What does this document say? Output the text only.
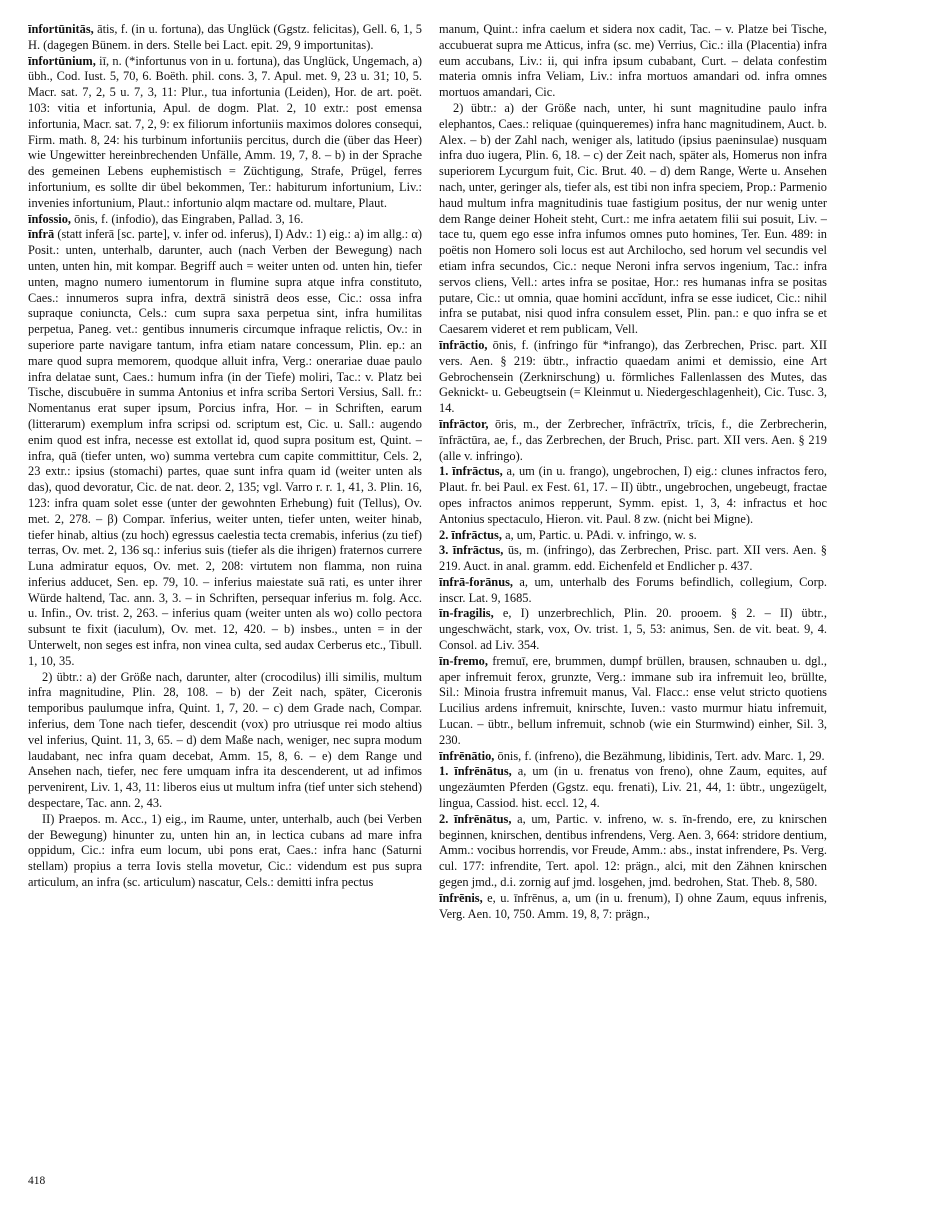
īnfortūnitās, ātis, f. (in u. fortuna), das Unglück (Ggstz. felicitas), Gell. 6, 1, 5 H. (dagegen Bünem. in ders. Stelle bei Lact. epit. 29, 9 importunitas).

īnfortūnium, iī, n. (*infortunus von in u. fortuna), das Unglück, Ungemach, a) übh., Cod. Iust. 5, 70, 6. Boëth. phil. cons. 3, 7. Apul. met. 9, 23 u. 31; 10, 5. Macr. sat. 7, 2, 5 u. 7, 3, 11: Plur., tua infortunia (Leiden), Hor. de art. poët. 103: vitia et infortunia, Apul. de dogm. Plat. 2, 10 extr.: post emensa infortunia, Macr. sat. 7, 2, 9: ex filiorum infortuniis maximos dolores consequi, Firm. math. 8, 24: his turbinum infortuniis percitus, durch die (über das Heer) wie Ungewitter hereinbrechenden Unfälle, Amm. 19, 7, 8. – b) in der Sprache des gemeinen Lebens euphemistisch = Züchtigung, Strafe, Prügel, ferres infortunium, es sollte dir übel bekommen, Ter.: habiturum infortunium, Liv.: invenies infortunium, Plaut.: infortunio alqm mactare od. multare, Plaut.

īnfossio, ōnis, f. (infodio), das Eingraben, Pallad. 3, 16.

īnfrā (statt inferā [sc. parte], v. infer od. inferus), I) Adv.: 1) eig.: a) im allg.: α) Posit.: unten, unterhalb, darunter, auch (nach Verben der Bewegung) nach unten, unten hin, mit kompar. Begriff auch = weiter unten od. unten hin, tiefer unten, magno numero iumentorum in flumine supra atque infra constituto, Caes.: innumeros supra infra, dextrā sinistrā deos esse, Cic.: ossa infra supraque coniuncta, Cels.: cum supra saxa perpetua sint, infra humilitas perpetua, Paneg. vet.: gentibus innumeris circumque infraque relictis, Ov.: in superiore parte navigare tantum, infra etiam natare concessum, Plin. ep.: an mare quod supra memorem, quodque alluit infra, Verg.: onerariae duae paulo infra delatae sunt, Caes.: humum infra (in der Tiefe) moliri, Tac.: v. Platz bei Tische, discubuēre in summa Antonius et infra scriba Sertori Versius, Sall. fr.: Nomentanus erat super ipsum, Porcius infra, Hor. – in Schriften, earum (litterarum) exemplum infra scripsi od. scriptum est, Cic. u. Sall.: augendo enim quod est infra, necesse est extollat id, quod supra positum est, Quint. – infra, quā (tiefer unten, wo) summa vertebra cum capite committitur, Cels. 2, 23 extr.: ipsius (stomachi) partes, quae sunt infra quam id (weiter unten als das), quod devoratur, Cic. de nat. deor. 2, 135; vgl. Varro r. r. 1, 41, 3. Plin. 16, 123: infra quam solet esse (unter der gewohnten Erhebung) fuit (Tellus), Ov. met. 2, 278. – β) Compar. īnferius, weiter unten, tiefer unten, weiter hinab, tiefer hinab, altius (zu hoch) egressus caelestia tecta cremabis, inferius (zu tief) terras, Ov. met. 2, 136 sq.: inferius suis (tiefer als die ihrigen) fraternos currere Luna admiratur equos, Ov. met. 2, 208: virtutem non flamma, non ruina inferius adducet, Sen. ep. 79, 10. – inferius maiestate suā rati, es unter ihrer Würde haltend, Tac. ann. 3, 3. – in Schriften, persequar inferius m. folg. Acc. u. Infin., Ov. trist. 2, 263. – inferius quam (weiter unten als wo) collo pectora subsunt te fixit (iaculum), Ov. met. 12, 420. – b) insbes., unten = in der Unterwelt, non seges est infra, non vinea culta, sed audax Cerberus etc., Tibull. 1, 10, 35.

2) übtr.: a) der Größe nach, darunter, alter (crocodilus) illi similis, multum infra magnitudine, Plin. 28, 108. – b) der Zeit nach, später, Ciceronis temporibus paulumque infra, Quint. 1, 7, 20. – c) dem Grade nach, Compar. inferius, dem Tone nach tiefer, descendit (vox) pro utriusque rei modo altius vel inferius, Quint. 11, 3, 65. – d) dem Maße nach, weniger, nec supra modum laudabant, nec infra quam decebat, Amm. 15, 8, 6. – e) dem Range und Ansehen nach, tiefer, nec fere umquam infra ita descenderent, ut ad infimos pervenirent, Liv. 1, 43, 11: liberos eius ut multum infra (tief unter sich stehend) despectare, Tac. ann. 2, 43.

II) Praepos. m. Acc., 1) eig., im Raume, unter, unterhalb, auch (bei Verben der Bewegung) hinunter zu, unten hin an, in lectica cubans ad mare infra oppidum, Cic.: infra eum locum, ubi pons erat, Caes.: infra hanc (Saturni stellam) propius a terra Iovis stella movetur, Cic.: videndum est pus supra articulum, an infra (sc. articulum) nascatur, Cels.: demitti infra pectus

manum, Quint.: infra caelum et sidera nox cadit, Tac. – v. Platze bei Tische, accubuerat supra me Atticus, infra (sc. me) Verrius, Cic.: illa (Placentia) infra eum accubans, Liv.: ii, qui infra ipsum cubabant, Curt. – delata confestim materia omnis infra Veliam, Liv.: infra mortuos amandari od. infra omnes mortuos amandari, Cic.

2) übtr.: a) der Größe nach, unter, hi sunt magnitudine paulo infra elephantos, Caes.: reliquae (quinqueremes) infra hanc magnitudinem, Auct. b. Alex. – b) der Zahl nach, weniger als, latitudo (ipsius paeninsulae) nusquam infra duo iugera, Plin. 6, 18. – c) der Zeit nach, später als, Homerus non infra superiorem Lycurgum fuit, Cic. Brut. 40. – d) dem Range, Werte u. Ansehen nach, unter, geringer als, tiefer als, est tibi non infra speciem, Prop.: Parmenio haud multum infra magnitudinis tuae fastigium positus, der nur wenig unter dem Range deiner Hoheit steht, Curt.: me infra aetatem filii sui posuit, Liv. – tace tu, quem ego esse infra infumos omnes puto homines, Ter. Eun. 489: in poëtis non Homero soli locus est aut Archilocho, sed horum vel secundis vel etiam infra secundos, Cic.: neque Neroni infra servos ingenium, Tac.: infra servos cliens, Vell.: artes infra se positae, Hor.: res humanas infra se positas putare, Cic.: ut omnia, quae homini accĭdunt, infra se esse iudicet, Cic.: nihil infra se putabat, nisi quod infra consulem esset, Plin. pan.: e quo infra se et Caesarem videret et rem publicam, Vell.

īnfrāctio, ōnis, f. (infringo für *infrango), das Zerbrechen, Prisc. part. XII vers. Aen. § 219: übtr., infractio quaedam animi et demissio, eine Art Gebrochensein (Zerknirschung) u. förmliches Fallenlassen des Mutes, das Geknickt- u. Gebeugtsein (= Kleinmut u. Niedergeschlagenheit), Cic. Tusc. 3, 14.

īnfrāctor, ōris, m., der Zerbrecher, īnfrāctrīx, trīcis, f., die Zerbrecherin, īnfrāctūra, ae, f., das Zerbrechen, der Bruch, Prisc. part. XII vers. Aen. § 219 (alle v. infringo).

1. īnfrāctus, a, um (in u. frango), ungebrochen, I) eig.: clunes infractos fero, Plaut. fr. bei Paul. ex Fest. 61, 17. – II) übtr., ungebrochen, ungebeugt, fractae opes infractos animos repperunt, Symm. epist. 1, 3, 4: infractus et hoc Antonius spectaculo, Hieron. vit. Paul. 8 zw. (nicht bei Migne).

2. īnfrāctus, a, um, Partic. u. PAdi. v. infringo, w. s.

3. īnfrāctus, ūs, m. (infringo), das Zerbrechen, Prisc. part. XII vers. Aen. § 219. Auct. in anal. gramm. edd. Eichenfeld et Endlicher p. 437.

īnfrā-forānus, a, um, unterhalb des Forums befindlich, collegium, Corp. inscr. Lat. 9, 1685.

īn-fragilis, e, I) unzerbrechlich, Plin. 20. prooem. § 2. – II) übtr., ungeschwächt, stark, vox, Ov. trist. 1, 5, 53: animus, Sen. de vit. beat. 9, 4. Consol. ad Liv. 354.

īn-fremo, fremuī, ere, brummen, dumpf brüllen, brausen, schnauben u. dgl., aper infremuit ferox, grunzte, Verg.: immane sub ira infremuit leo, brüllte, Sil.: Minoia frustra infremuit manus, Val. Flacc.: ense velut stricto quotiens Lucilius ardens infremuit, knirschte, Iuven.: vasto murmur hiatu infremuit, Lucan. – übtr., bellum infremuit, schnob (wie ein Sturmwind) einher, Sil. 3, 230.

īnfrēnātio, ōnis, f. (infreno), die Bezähmung, libidinis, Tert. adv. Marc. 1, 29.

1. īnfrēnātus, a, um (in u. frenatus von freno), ohne Zaum, equites, auf ungezäumten Pferden (Ggstz. equ. frenati), Liv. 21, 44, 1: übtr., ungezügelt, lingua, Cassiod. hist. eccl. 12, 4.

2. īnfrēnātus, a, um, Partic. v. infreno, w. s. īn-frendo, ere, zu knirschen beginnen, knirschen, dentibus infrendens, Verg. Aen. 3, 664: stridore dentium, Amm.: vocibus horrendis, vor Freude, Amm.: abs., instat infrendere, Ps. Verg. cul. 177: infrendite, Tert. apol. 12: prägn., alci, mit den Zähnen knirschen gegen jmd., d.i. zornig auf jmd. losgehen, jmd. bedrohen, Stat. Theb. 8, 580.

īnfrēnis, e, u. īnfrēnus, a, um (in u. frenum), I) ohne Zaum, equus infrenis, Verg. Aen. 10, 750. Amm. 19, 8, 7: prägn.,

418
